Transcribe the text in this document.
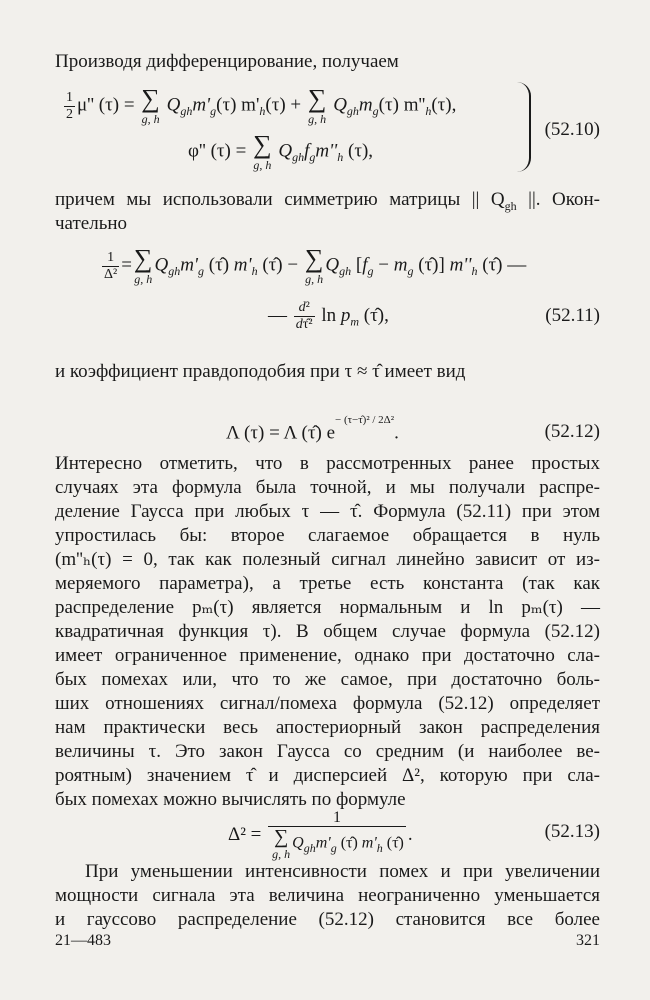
Производя дифференцирование, получаем
$\frac{1}{2} \mu''$ (τ) = ∑
g, h
$Q_{gh}m'_g(\tau) m'_h(\tau)$ + ∑
g, h
$Q_{gh}m_g(\tau)$ $m''_h(\tau)$,
φ'' (τ) = ∑
g, h
$Q_{gh}f_gm''_h$ (τ),
(52.10)
причем мы использовали симметрию матрицы || $Q_{gh}$ ||. Окон-
чательно
$\frac{1}{\text{Δ²}}$ = ∑
g, h
$Q_{gh}m'_g$ (τ̂) $m'_h$ (τ̂) − ∑
g, h
$Q_{gh}$ [$f_g - m_g$ (τ̂)] $m''_h$ (τ̂) —
— $\frac{\text{d²}}{\text{dτ̂²}}$ $\ln p_m$ (τ̂),	(52.11)
и коэффициент правдоподобия при τ ≈ τ̂ имеет вид
Λ (τ) = Λ (τ̂) $e^{- (\tau-\taû)^2 / 2\Delta^2}$.	(52.12)
Интересно отметить, что в рассмотренных ранее простых
случаях эта формула была точной, и мы получали распре-
деление Гаусса при любых τ — τ̂. Формула (52.11) при этом
упростилась бы: второе слагаемое обращается в нуль
(m''ₕ(τ) = 0, так как полезный сигнал линейно зависит от из-
меряемого параметра), а третье есть константа (так как
распределение pₘ(τ) является нормальным и ln pₘ(τ) —
квадратичная функция τ). В общем случае формула (52.12)
имеет ограниченное применение, однако при достаточно сла-
бых помехах или, что то же самое, при достаточно боль-
ших отношениях сигнал/помеха формула (52.12) определяет
нам практически весь апостериорный закон распределения
величины τ. Это закон Гаусса со средним (и наиболее ве-
роятным) значением τ̂ и дисперсией Δ², которую при сла-
бых помехах можно вычислять по формуле
Δ² = 1
∑
g, h
$Q_{gh}m'_g$ (τ̂) $m'_h$ (τ̂) .	(52.13)
При уменьшении интенсивности помех и при увеличении
мощности сигнала эта величина неограниченно уменьшается
и гауссово распределение (52.12) становится все более
21—483	321
